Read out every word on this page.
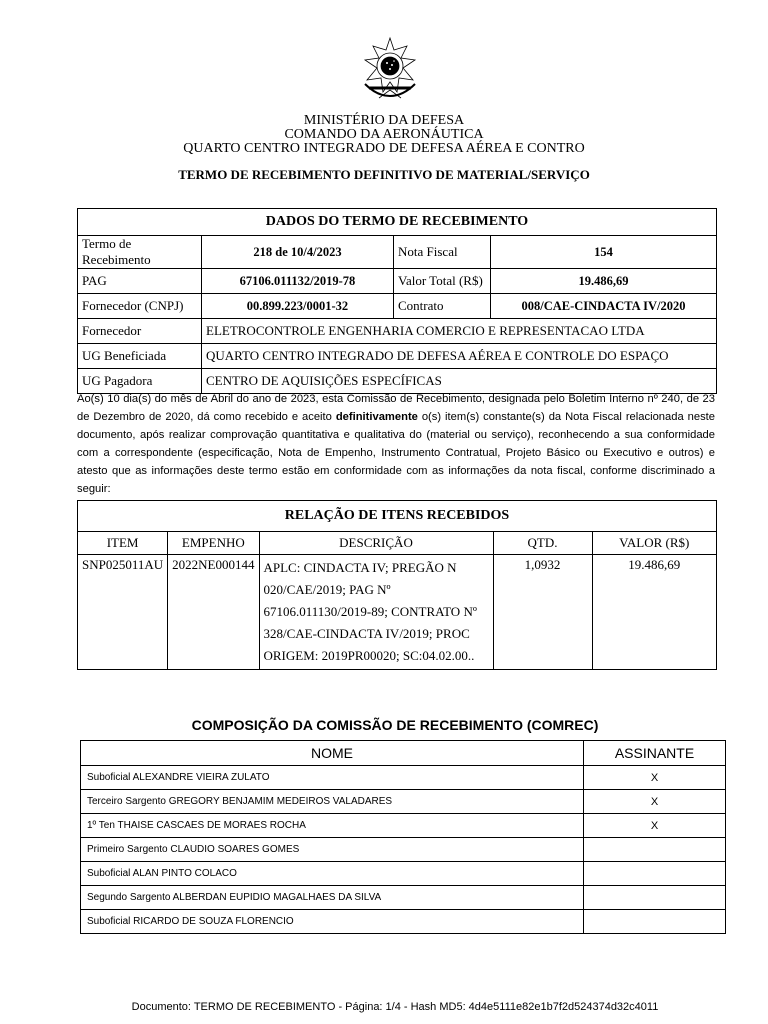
MINISTÉRIO DA DEFESA
COMANDO DA AERONÁUTICA
QUARTO CENTRO INTEGRADO DE DEFESA AÉREA E CONTRO
TERMO DE RECEBIMENTO DEFINITIVO DE MATERIAL/SERVIÇO
DADOS DO TERMO DE RECEBIMENTO			
Termo de Recebimento	218 de 10/4/2023	Nota Fiscal	154
PAG	67106.011132/2019-78	Valor Total (R$)	19.486,69
Fornecedor (CNPJ)	00.899.223/0001-32	Contrato	008/CAE-CINDACTA IV/2020
Fornecedor	ELETROCONTROLE ENGENHARIA COMERCIO E REPRESENTACAO LTDA		
UG Beneficiada	QUARTO CENTRO INTEGRADO DE DEFESA AÉREA E CONTROLE DO ESPAÇO		
UG Pagadora	CENTRO DE AQUISIÇÕES ESPECÍFICAS		
Ao(s) 10 dia(s) do mês de Abril do ano de 2023, esta Comissão de Recebimento, designada pelo Boletim Interno nº 240, de 23 de Dezembro de 2020, dá como recebido e aceito definitivamente o(s) item(s) constante(s) da Nota Fiscal relacionada neste documento, após realizar comprovação quantitativa e qualitativa do (material ou serviço), reconhecendo a sua conformidade com a correspondente (especificação, Nota de Empenho, Instrumento Contratual, Projeto Básico ou Executivo e outros) e atesto que as informações deste termo estão em conformidade com as informações da nota fiscal, conforme discriminado a seguir:
RELAÇÃO DE ITENS RECEBIDOS				
ITEM	EMPENHO	DESCRIÇÃO	QTD.	VALOR (R$)
SNP025011AU	2022NE000144	APLC: CINDACTA IV; PREGÃO N 020/CAE/2019; PAG Nº 67106.011130/2019-89; CONTRATO Nº 328/CAE-CINDACTA IV/2019; PROC ORIGEM: 2019PR00020; SC:04.02.00..	1,0932	19.486,69
COMPOSIÇÃO DA COMISSÃO DE RECEBIMENTO (COMREC)
NOME	ASSINANTE
Suboficial ALEXANDRE VIEIRA ZULATO	X
Terceiro Sargento GREGORY BENJAMIM MEDEIROS VALADARES	X
1º Ten THAISE CASCAES DE MORAES ROCHA	X
Primeiro Sargento CLAUDIO SOARES GOMES	
Suboficial ALAN PINTO COLACO	
Segundo Sargento ALBERDAN EUPIDIO MAGALHAES DA SILVA	
Suboficial RICARDO DE SOUZA FLORENCIO	
Documento: TERMO DE RECEBIMENTO - Página: 1/4 - Hash MD5: 4d4e5111e82e1b7f2d524374d32c4011
